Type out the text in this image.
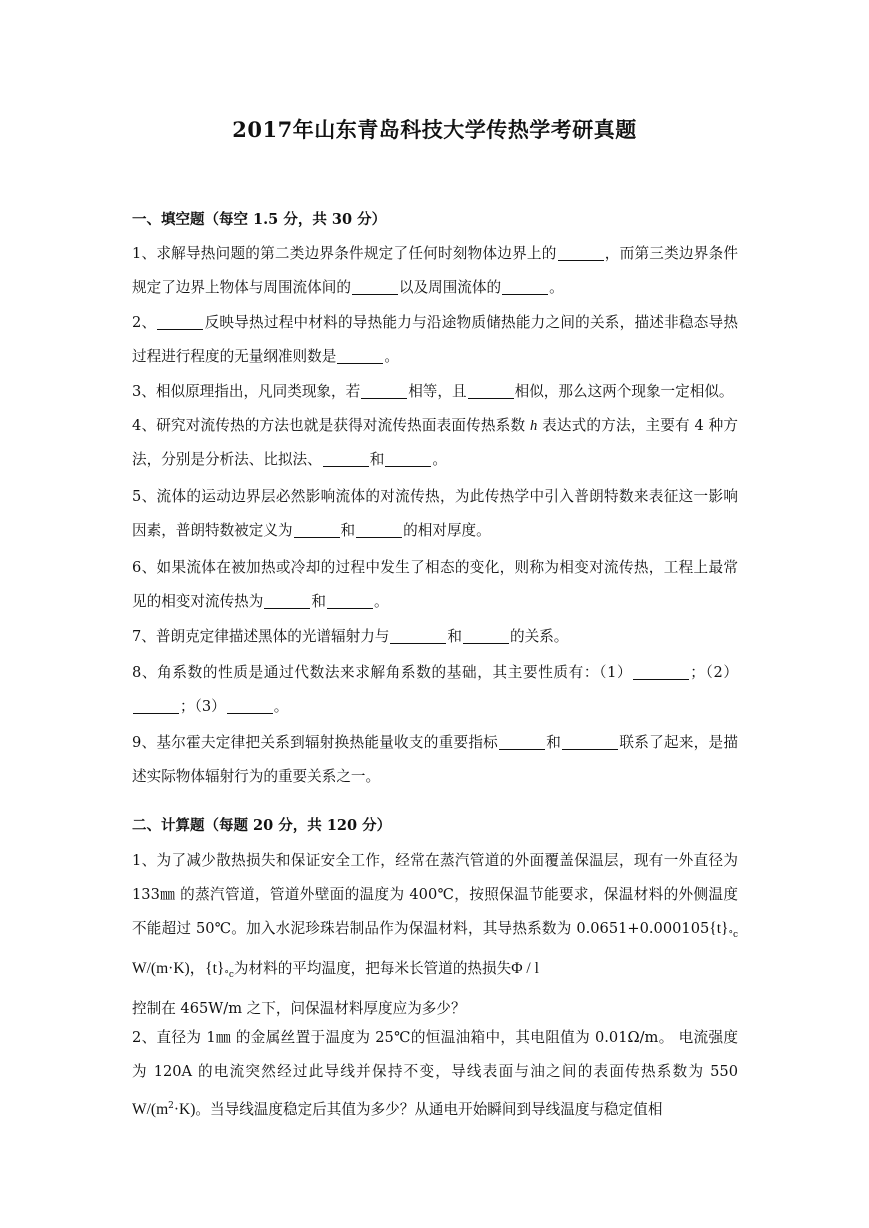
2017年山东青岛科技大学传热学考研真题
一、填空题（每空 1.5 分，共 30 分）
1、求解导热问题的第二类边界条件规定了任何时刻物体边界上的	，而第三类边界条件规定了边界上物体与周围流体间的	以及周围流体的	。
2、	反映导热过程中材料的导热能力与沿途物质储热能力之间的关系，描述非稳态导热过程进行程度的无量纲准则数是	。
3、相似原理指出，凡同类现象，若	相等，且	相似，那么这两个现象一定相似。
4、研究对流传热的方法也就是获得对流传热面表面传热系数 h 表达式的方法，主要有 4 种方法，分别是分析法、比拟法、	和	。
5、流体的运动边界层必然影响流体的对流传热，为此传热学中引入普朗特数来表征这一影响因素，普朗特数被定义为	和	的相对厚度。
6、如果流体在被加热或冷却的过程中发生了相态的变化，则称为相变对流传热，工程上最常见的相变对流传热为	和	。
7、普朗克定律描述黑体的光谱辐射力与	和	的关系。
8、角系数的性质是通过代数法来求解角系数的基础，其主要性质有：（1）	；（2）；（3）	。
9、基尔霍夫定律把关系到辐射换热能量收支的重要指标	和	联系了起来，是描述实际物体辐射行为的重要关系之一。
二、计算题（每题 20 分，共 120 分）
1、为了减少散热损失和保证安全工作，经常在蒸汽管道的外面覆盖保温层，现有一外直径为 133㎜ 的蒸汽管道，管道外壁面的温度为 400℃，按照保温节能要求，保温材料的外侧温度不能超过 50℃。加入水泥珍珠岩制品作为保温材料，其导热系数为 $0.0651+0.000105\{t\}_{^\circ c}$ W/(m·K)，$\{t\}_{^\circ c}$为材料的平均温度，把每米长管道的热损失Φ / l
控制在 465W/m 之下，问保温材料厚度应为多少？
2、直径为 1㎜ 的金属丝置于温度为 25℃的恒温油箱中，其电阻值为 0.01Ω/m。 电流强度为 120A 的电流突然经过此导线并保持不变，导线表面与油之间的表面传热系数为 550 $W/(m^2\cdot K)$。当导线温度稳定后其值为多少？从通电开始瞬间到导线温度与稳定值相
